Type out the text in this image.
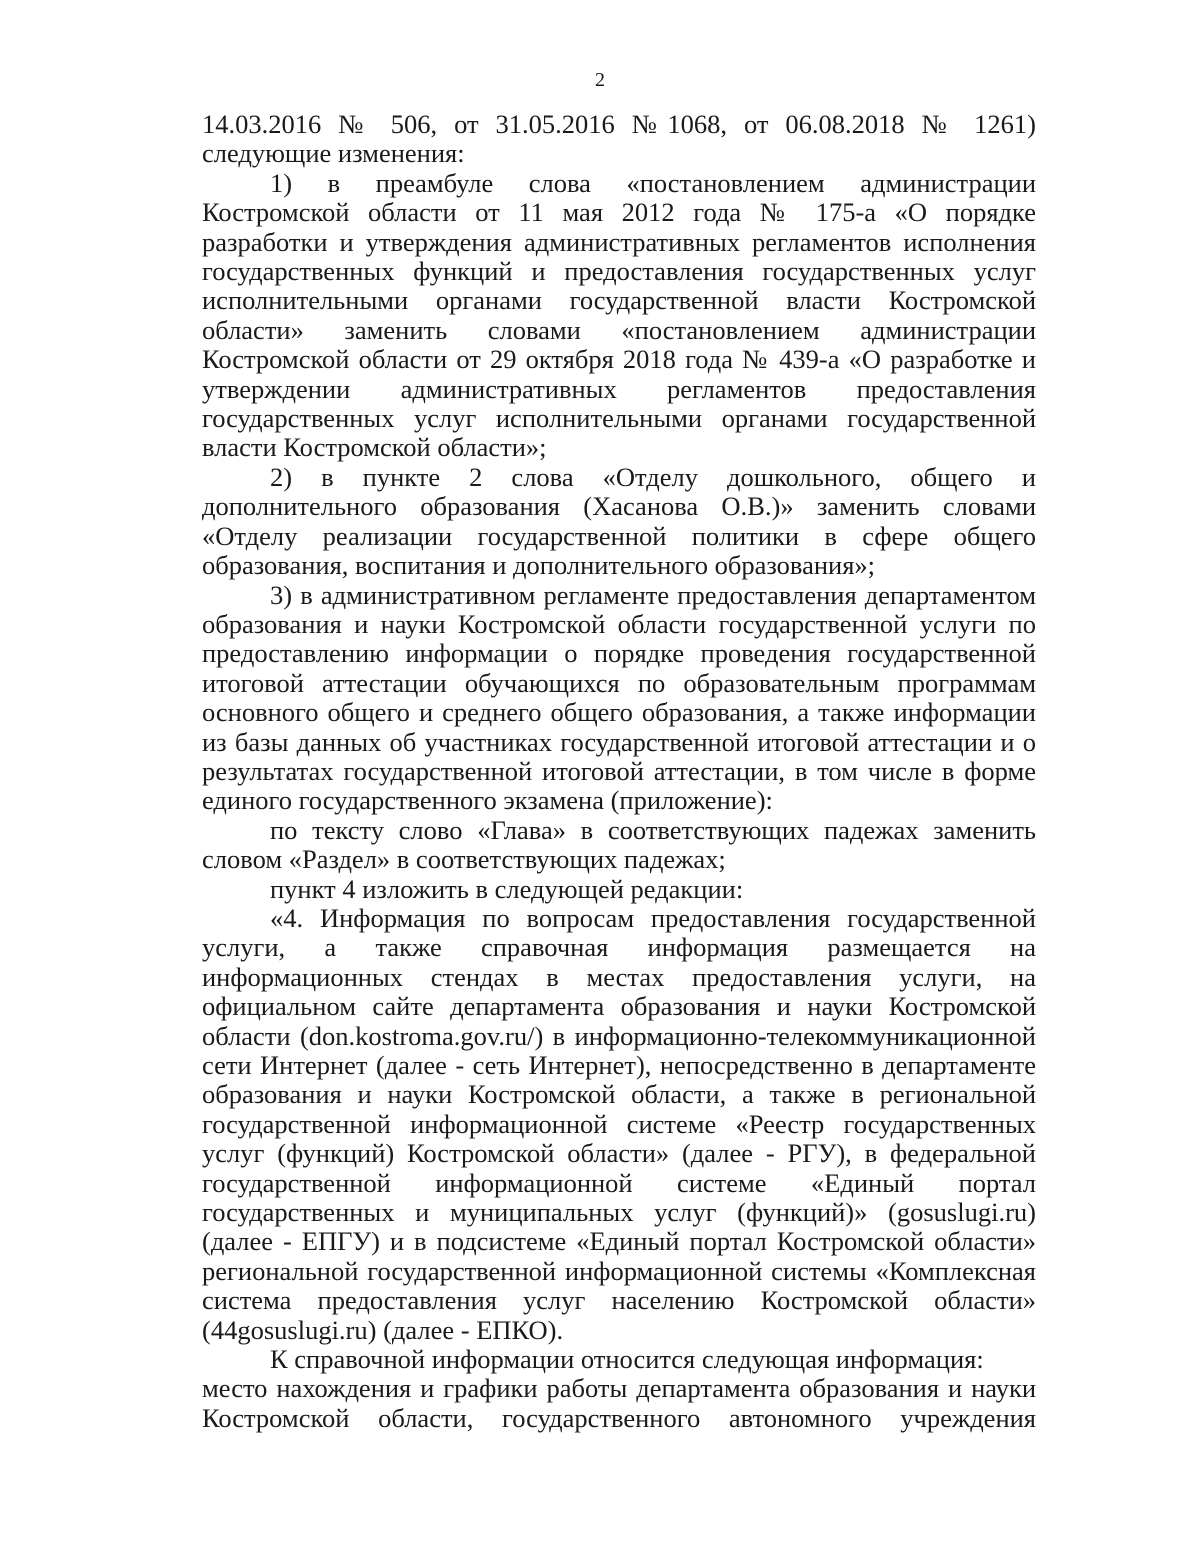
2

14.03.2016 № 506, от 31.05.2016 №1068, от 06.08.2018 № 1261) следующие изменения:

1) в преамбуле слова «постановлением администрации Костромской области от 11 мая 2012 года № 175-а «О порядке разработки и утверждения административных регламентов исполнения государственных функций и предоставления государственных услуг исполнительными органами государственной власти Костромской области» заменить словами «постановлением администрации Костромской области от 29 октября 2018 года № 439-а «О разработке и утверждении административных регламентов предоставления государственных услуг исполнительными органами государственной власти Костромской области»;

2) в пункте 2 слова «Отделу дошкольного, общего и дополнительного образования (Хасанова О.В.)» заменить словами «Отделу реализации государственной политики в сфере общего образования, воспитания и дополнительного образования»;

3) в административном регламенте предоставления департаментом образования и науки Костромской области государственной услуги по предоставлению информации о порядке проведения государственной итоговой аттестации обучающихся по образовательным программам основного общего и среднего общего образования, а также информации из базы данных об участниках государственной итоговой аттестации и о результатах государственной итоговой аттестации, в том числе в форме единого государственного экзамена (приложение):

по тексту слово «Глава» в соответствующих падежах заменить словом «Раздел» в соответствующих падежах;

пункт 4 изложить в следующей редакции:

«4. Информация по вопросам предоставления государственной услуги, а также справочная информация размещается на информационных стендах в местах предоставления услуги, на официальном сайте департамента образования и науки Костромской области (don.kostroma.gov.ru/) в информационно-телекоммуникационной сети Интернет (далее - сеть Интернет), непосредственно в департаменте образования и науки Костромской области, а также в региональной государственной информационной системе «Реестр государственных услуг (функций) Костромской области» (далее - РГУ), в федеральной государственной информационной системе «Единый портал государственных и муниципальных услуг (функций)» (gosuslugi.ru) (далее - ЕПГУ) и в подсистеме «Единый портал Костромской области» региональной государственной информационной системы «Комплексная система предоставления услуг населению Костромской области» (44gosuslugi.ru) (далее - ЕПКО).

К справочной информации относится следующая информация:

место нахождения и графики работы департамента образования и науки Костромской области, государственного автономного учреждения
